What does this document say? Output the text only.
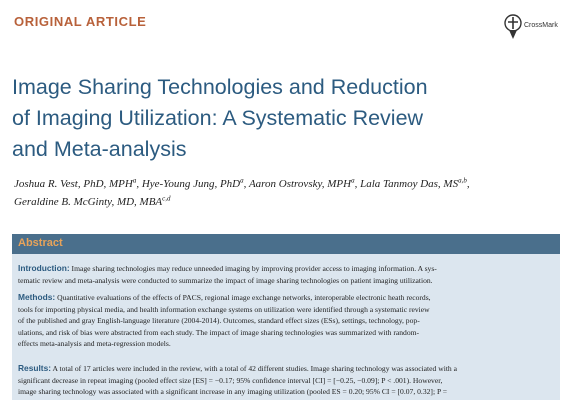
ORIGINAL ARTICLE	CrossMark
Image Sharing Technologies and Reduction
of Imaging Utilization: A Systematic Review
and Meta-analysis
Joshua R. Vest, PhD, MPH$^a$, Hye-Young Jung, PhD$^a$, Aaron Ostrovsky, MPH$^a$, Lala Tanmoy Das, MS$^{a,b}$,
Geraldine B. McGinty, MD, MBA$^{c,d}$
Abstract
Introduction: Image sharing technologies may reduce unneeded imaging by improving provider access to imaging information. A sys-
tematic review and meta-analysis were conducted to summarize the impact of image sharing technologies on patient imaging utilization.
Methods: Quantitative evaluations of the effects of PACS, regional image exchange networks, interoperable electronic heath records,
tools for importing physical media, and health information exchange systems on utilization were identified through a systematic review
of the published and gray English-language literature (2004-2014). Outcomes, standard effect sizes (ESs), settings, technology, pop-
ulations, and risk of bias were abstracted from each study. The impact of image sharing technologies was summarized with random-
effects meta-analysis and meta-regression models.
Results: A total of 17 articles were included in the review, with a total of 42 different studies. Image sharing technology was associated with a
significant decrease in repeat imaging (pooled effect size [ES] = −0.17; 95% confidence interval [CI] = [−0.25, −0.09]; P < .001). However,
image sharing technology was associated with a significant increase in any imaging utilization (pooled ES = 0.20; 95% CI = [0.07, 0.32]; P =
